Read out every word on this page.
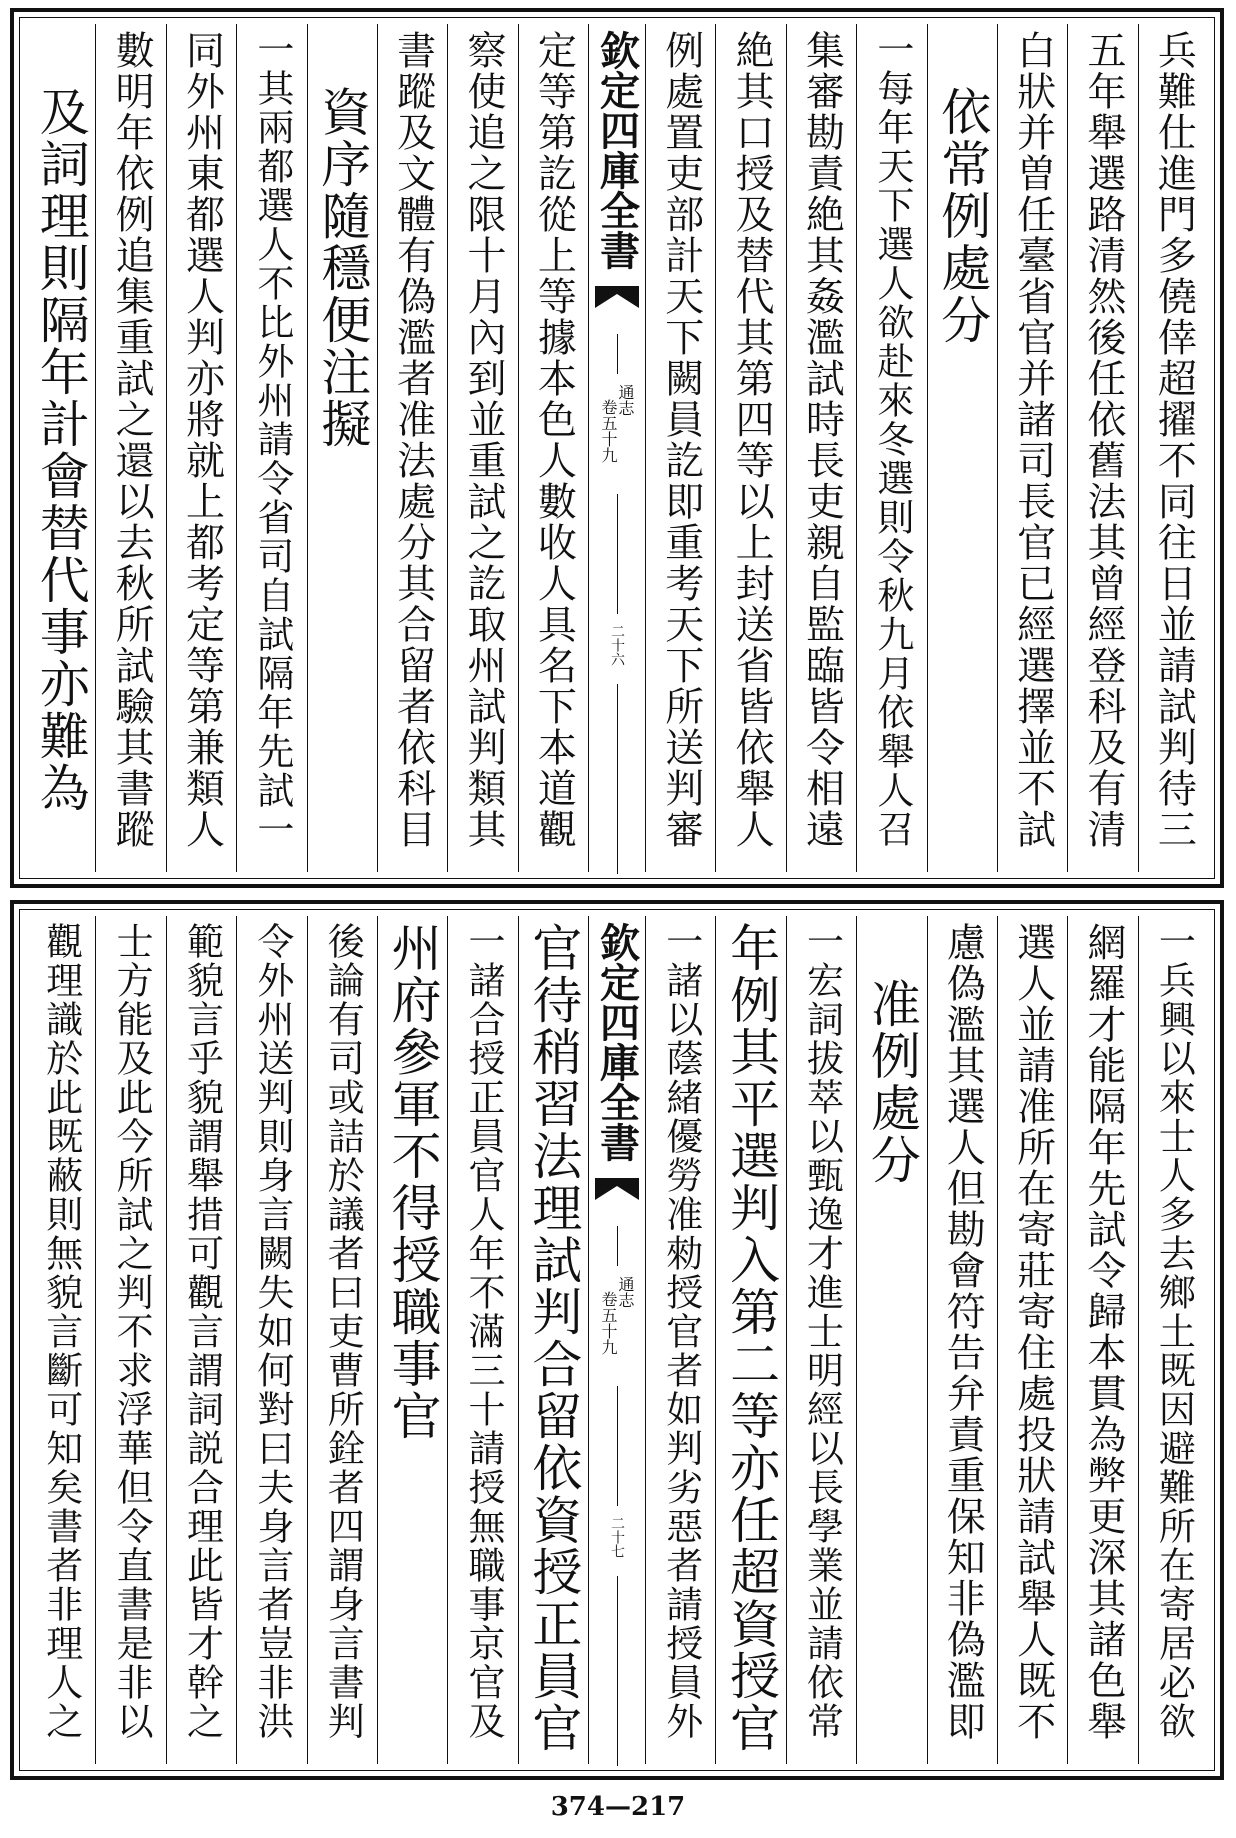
兵難仕進門多僥倖超擢不同往日並請試判待三
五年舉選路清然後任依舊法其曾經登科及有清
白狀并曽任臺省官并諸司長官已經選擇並不試
依常例處分
一每年天下選人欲赴來冬選則令秋九月依舉人召
集審勘責絶其姦濫試時長吏親自監臨皆令相遠
絶其口授及替代其第四等以上封送省皆依舉人
例處置吏部計天下闕員訖即重考天下所送判審
欽定四庫全書
通志
卷五十九
二十六
定等第訖從上等據本色人數收人具名下本道觀
察使追之限十月內到並重試之訖取州試判類其
書蹤及文體有偽濫者准法處分其合留者依科目
資序隨穩便注擬
一其兩都選人不比外州請令省司自試隔年先試一
同外州東都選人判亦將就上都考定等第兼類人
數明年依例追集重試之還以去秋所試驗其書蹤
及詞理則隔年計會替代事亦難為
一兵興以來士人多去鄉土既因避難所在寄居必欲
網羅才能隔年先試令歸本貫為弊更深其諸色舉
選人並請准所在寄莊寄住處投狀請試舉人既不
慮偽濫其選人但勘會符告弁責重保知非偽濫即
准例處分
一宏詞拔萃以甄逸才進士明經以長學業並請依常
年例其平選判入第二等亦任超資授官
一諸以蔭緒優勞准勑授官者如判劣惡者請授員外
欽定四庫全書
通志
卷五十九
二十七
官待稍習法理試判合留依資授正員官
一諸合授正員官人年不滿三十請授無職事京官及
州府參軍不得授職事官
後論有司或詰於議者曰吏曹所銓者四謂身言書判
令外州送判則身言闕失如何對曰夫身言者豈非洪
範貌言乎貌謂舉措可觀言謂詞説合理此皆才幹之
士方能及此今所試之判不求浮華但令直書是非以
觀理識於此既蔽則無貌言斷可知矣書者非理人之
374—217
